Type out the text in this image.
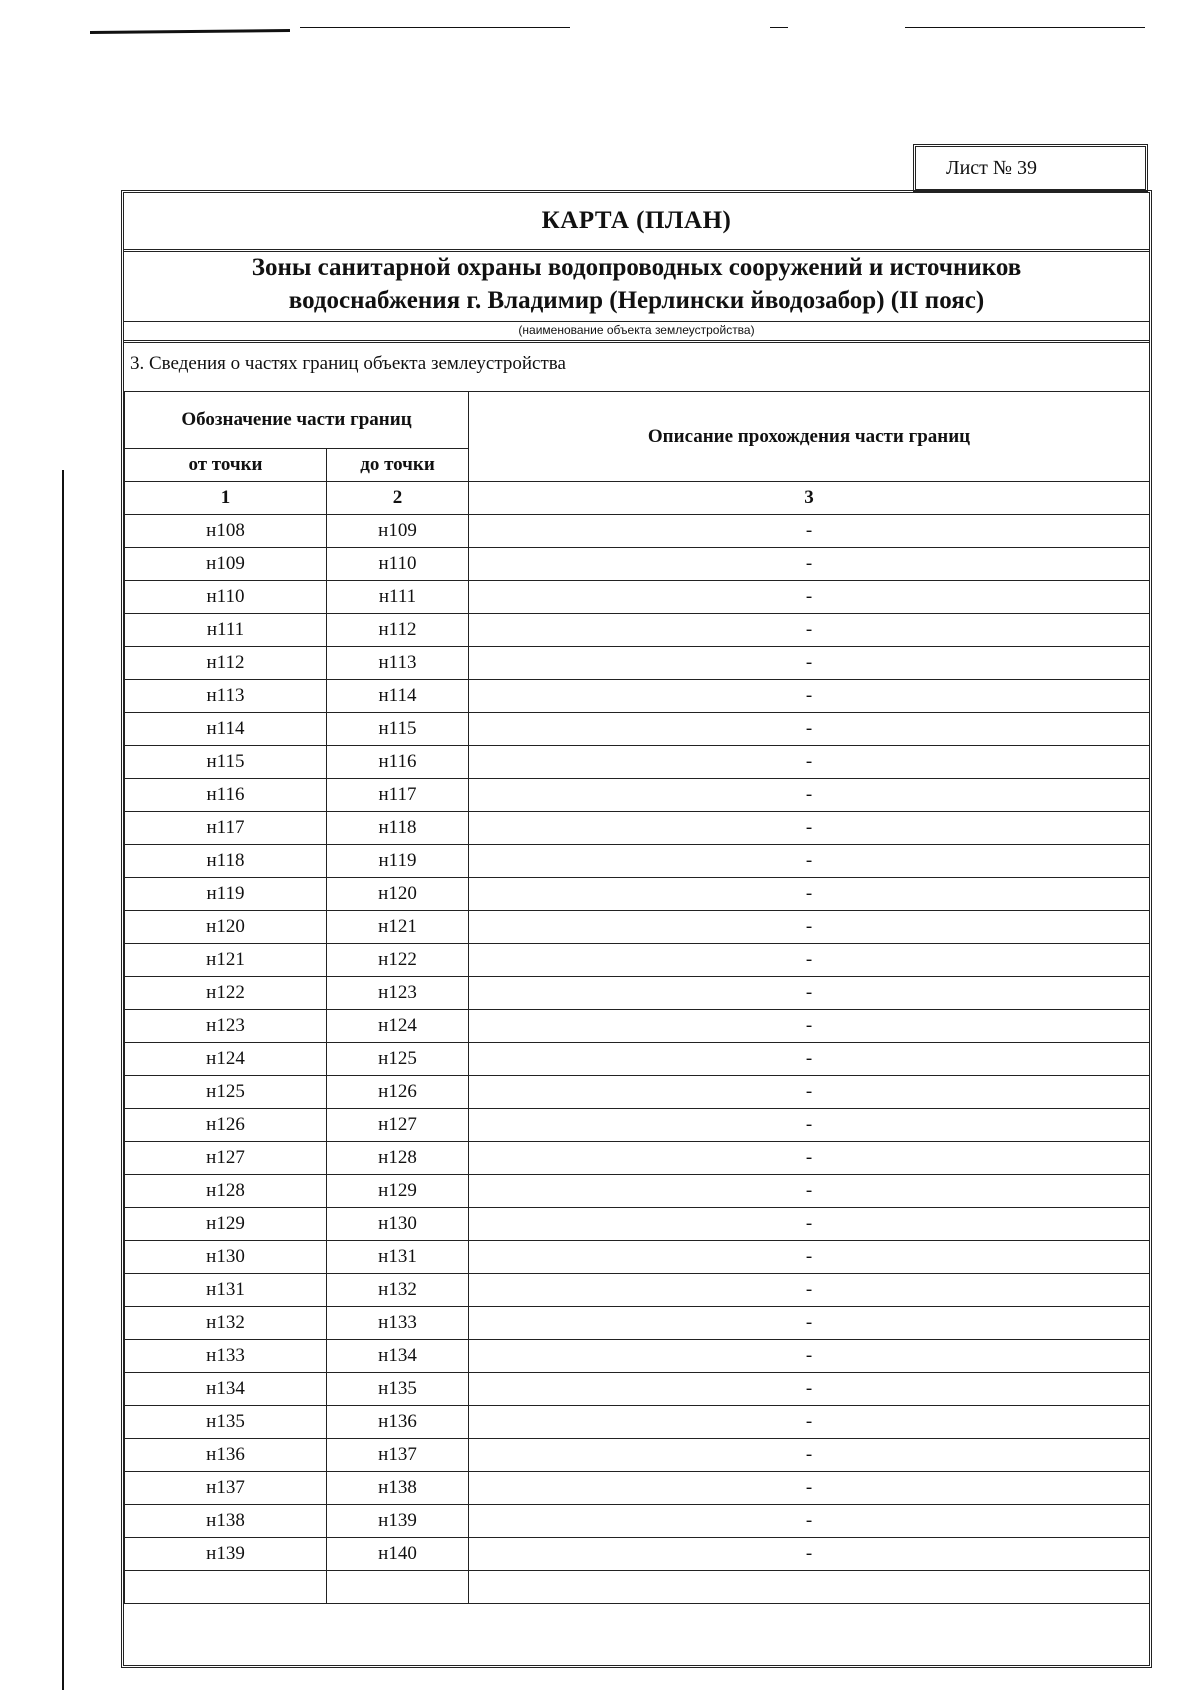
Лист № 39
КАРТА (ПЛАН)
Зоны санитарной охраны водопроводных сооружений и источников
водоснабжения г. Владимир (Нерлински йводозабор) (II пояс)
(наименование объекта землеустройства)
3. Сведения о частях границ объекта землеустройства
Обозначение части границ		Описание прохождения части границ
от точки	до точки	
1	2	3
н108	н109	-
н109	н110	-
н110	н111	-
н111	н112	-
н112	н113	-
н113	н114	-
н114	н115	-
н115	н116	-
н116	н117	-
н117	н118	-
н118	н119	-
н119	н120	-
н120	н121	-
н121	н122	-
н122	н123	-
н123	н124	-
н124	н125	-
н125	н126	-
н126	н127	-
н127	н128	-
н128	н129	-
н129	н130	-
н130	н131	-
н131	н132	-
н132	н133	-
н133	н134	-
н134	н135	-
н135	н136	-
н136	н137	-
н137	н138	-
н138	н139	-
н139	н140	-
